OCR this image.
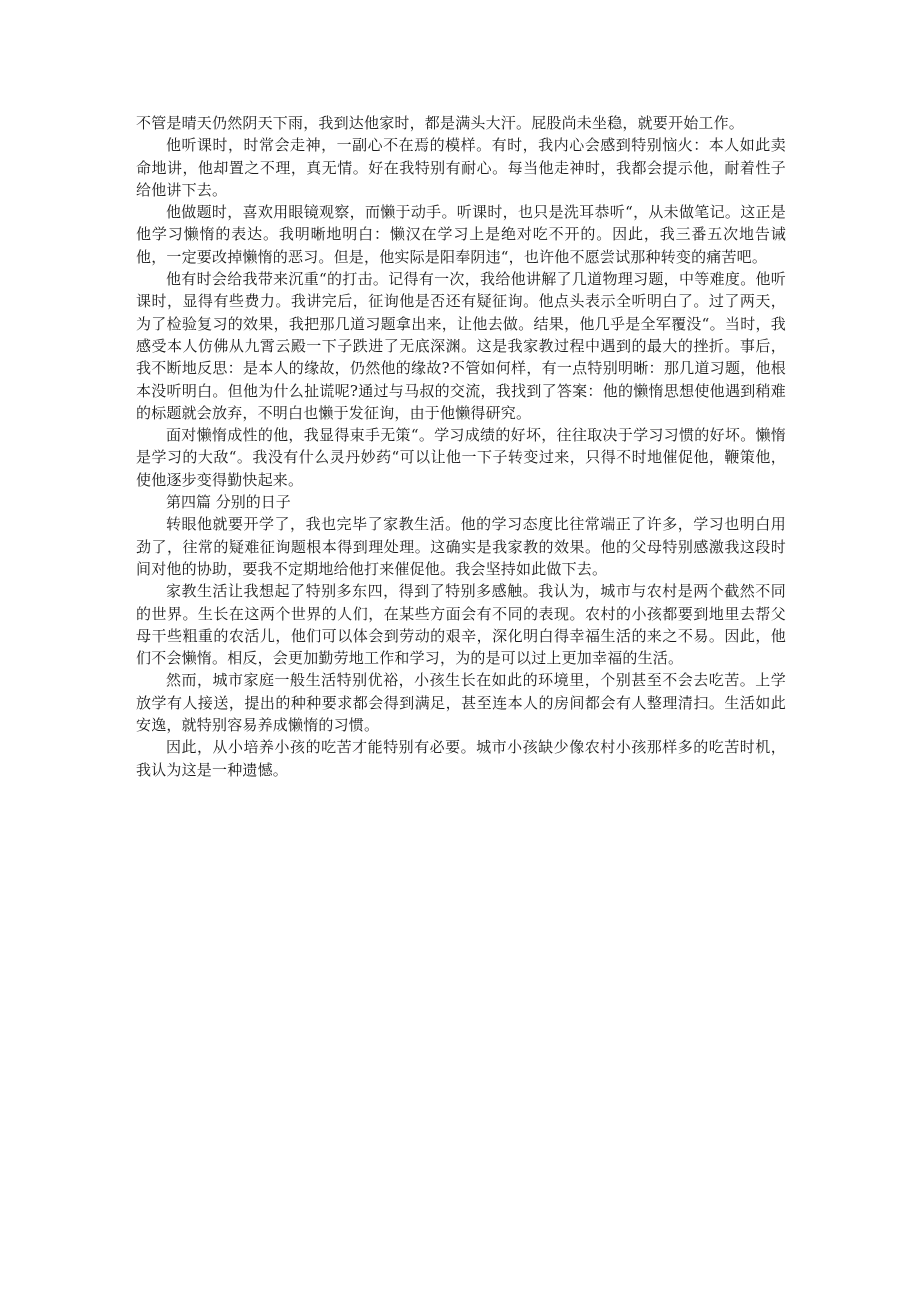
不管是晴天仍然阴天下雨，我到达他家时，都是满头大汗。屁股尚未坐稳，就要开始工作。

他听课时，时常会走神，一副心不在焉的模样。有时，我内心会感到特别恼火：本人如此卖命地讲，他却置之不理，真无情。好在我特别有耐心。每当他走神时，我都会提示他，耐着性子给他讲下去。

他做题时，喜欢用眼镜观察，而懒于动手。听课时，也只是洗耳恭听“，从未做笔记。这正是他学习懒惰的表达。我明晰地明白：懒汉在学习上是绝对吃不开的。因此，我三番五次地告诫他，一定要改掉懒惰的恶习。但是，他实际是阳奉阴违“，也许他不愿尝试那种转变的痛苦吧。

他有时会给我带来沉重“的打击。记得有一次，我给他讲解了几道物理习题，中等难度。他听课时，显得有些费力。我讲完后，征询他是否还有疑征询。他点头表示全听明白了。过了两天，为了检验复习的效果，我把那几道习题拿出来，让他去做。结果，他几乎是全军覆没“。当时，我感受本人仿佛从九霄云殿一下子跌进了无底深渊。这是我家教过程中遇到的最大的挫折。事后，我不断地反思：是本人的缘故，仍然他的缘故?不管如何样，有一点特别明晰：那几道习题，他根本没听明白。但他为什么扯谎呢?通过与马叔的交流，我找到了答案：他的懒惰思想使他遇到稍难的标题就会放弃，不明白也懒于发征询，由于他懒得研究。

面对懒惰成性的他，我显得束手无策“。学习成绩的好坏，往往取决于学习习惯的好坏。懒惰是学习的大敌“。我没有什么灵丹妙药“可以让他一下子转变过来，只得不时地催促他，鞭策他，使他逐步变得勤快起来。

第四篇 分别的日子

转眼他就要开学了，我也完毕了家教生活。他的学习态度比往常端正了许多，学习也明白用劲了，往常的疑难征询题根本得到理处理。这确实是我家教的效果。他的父母特别感激我这段时间对他的协助，要我不定期地给他打来催促他。我会坚持如此做下去。

家教生活让我想起了特别多东四，得到了特别多感触。我认为，城市与农村是两个截然不同的世界。生长在这两个世界的人们，在某些方面会有不同的表现。农村的小孩都要到地里去帮父母干些粗重的农活儿，他们可以体会到劳动的艰辛，深化明白得幸福生活的来之不易。因此，他们不会懒惰。相反，会更加勤劳地工作和学习，为的是可以过上更加幸福的生活。

然而，城市家庭一般生活特别优裕，小孩生长在如此的环境里，个别甚至不会去吃苦。上学放学有人接送，提出的种种要求都会得到满足，甚至连本人的房间都会有人整理清扫。生活如此安逸，就特别容易养成懒惰的习惯。

因此，从小培养小孩的吃苦才能特别有必要。城市小孩缺少像农村小孩那样多的吃苦时机，我认为这是一种遗憾。
